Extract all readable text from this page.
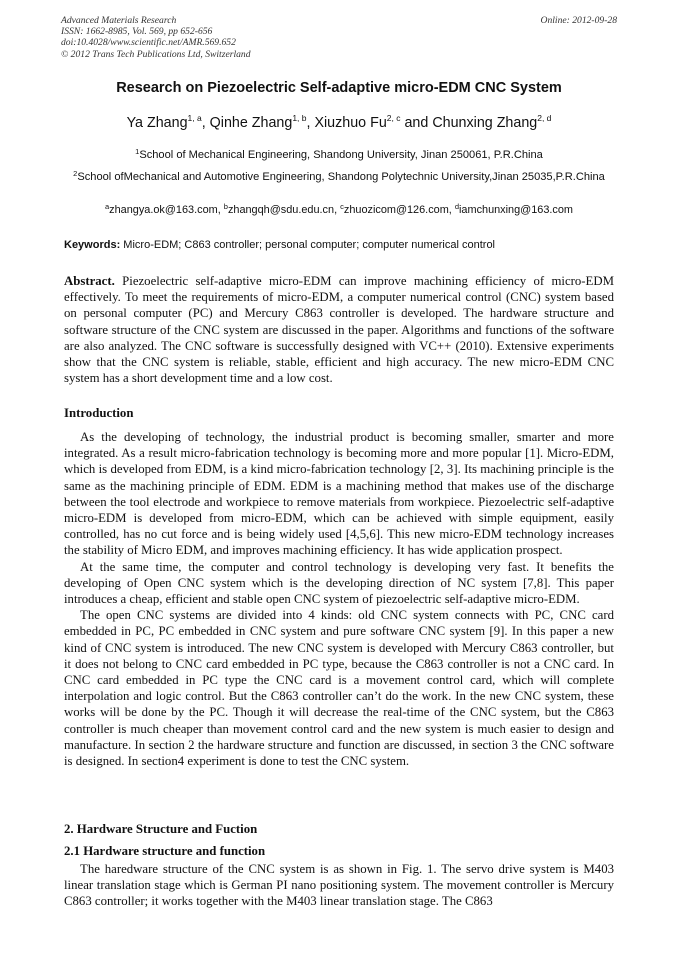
Advanced Materials Research
ISSN: 1662-8985, Vol. 569, pp 652-656
doi:10.4028/www.scientific.net/AMR.569.652
© 2012 Trans Tech Publications Ltd, Switzerland
Online: 2012-09-28
Research on Piezoelectric Self-adaptive micro-EDM CNC System
Ya Zhang$^{1, a}$, Qinhe Zhang$^{1, b}$, Xiuzhuo Fu$^{2, c}$ and Chunxing Zhang$^{2, d}$
$^1$School of Mechanical Engineering, Shandong University, Jinan 250061, P.R.China
$^2$School ofMechanical and Automotive Engineering, Shandong Polytechnic University,Jinan 25035,P.R.China
$^a$zhangya.ok@163.com, $^b$zhangqh@sdu.edu.cn, $^c$zhuozicom@126.com, $^d$iamchunxing@163.com
Keywords: Micro-EDM; C863 controller; personal computer; computer numerical control
Abstract. Piezoelectric self-adaptive micro-EDM can improve machining efficiency of micro-EDM effectively. To meet the requirements of micro-EDM, a computer numerical control (CNC) system based on personal computer (PC) and Mercury C863 controller is developed. The hardware structure and software structure of the CNC system are discussed in the paper. Algorithms and functions of the software are also analyzed. The CNC software is successfully designed with VC++ (2010). Extensive experiments show that the CNC system is reliable, stable, efficient and high accuracy. The new micro-EDM CNC system has a short development time and a low cost.
Introduction

As the developing of technology, the industrial product is becoming smaller, smarter and more integrated. As a result micro-fabrication technology is becoming more and more popular [1]. Micro-EDM, which is developed from EDM, is a kind micro-fabrication technology [2, 3]. Its machining principle is the same as the machining principle of EDM. EDM is a machining method that makes use of the discharge between the tool electrode and workpiece to remove materials from workpiece. Piezoelectric self-adaptive micro-EDM is developed from micro-EDM, which can be achieved with simple equipment, easily controlled, has no cut force and is being widely used [4,5,6]. This new micro-EDM technology increases the stability of Micro EDM, and improves machining efficiency. It has wide application prospect.

At the same time, the computer and control technology is developing very fast. It benefits the developing of Open CNC system which is the developing direction of NC system [7,8]. This paper introduces a cheap, efficient and stable open CNC system of piezoelectric self-adaptive micro-EDM.

The open CNC systems are divided into 4 kinds: old CNC system connects with PC, CNC card embedded in PC, PC embedded in CNC system and pure software CNC system [9]. In this paper a new kind of CNC system is introduced. The new CNC system is developed with Mercury C863 controller, but it does not belong to CNC card embedded in PC type, because the C863 controller is not a CNC card. In CNC card embedded in PC type the CNC card is a movement control card, which will complete interpolation and logic control. But the C863 controller can’t do the work. In the new CNC system, these works will be done by the PC. Though it will decrease the real-time of the CNC system, but the C863 controller is much cheaper than movement control card and the new system is much easier to design and manufacture. In section 2 the hardware structure and function are discussed, in section 3 the CNC software is designed. In section4 experiment is done to test the CNC system.

2. Hardware Structure and Fuction
2.1 Hardware structure and function

The haredware structure of the CNC system is as shown in Fig. 1. The servo drive system is M403 linear translation stage which is German PI nano positioning system. The movement controller is Mercury C863 controller; it works together with the M403 linear translation stage. The C863
